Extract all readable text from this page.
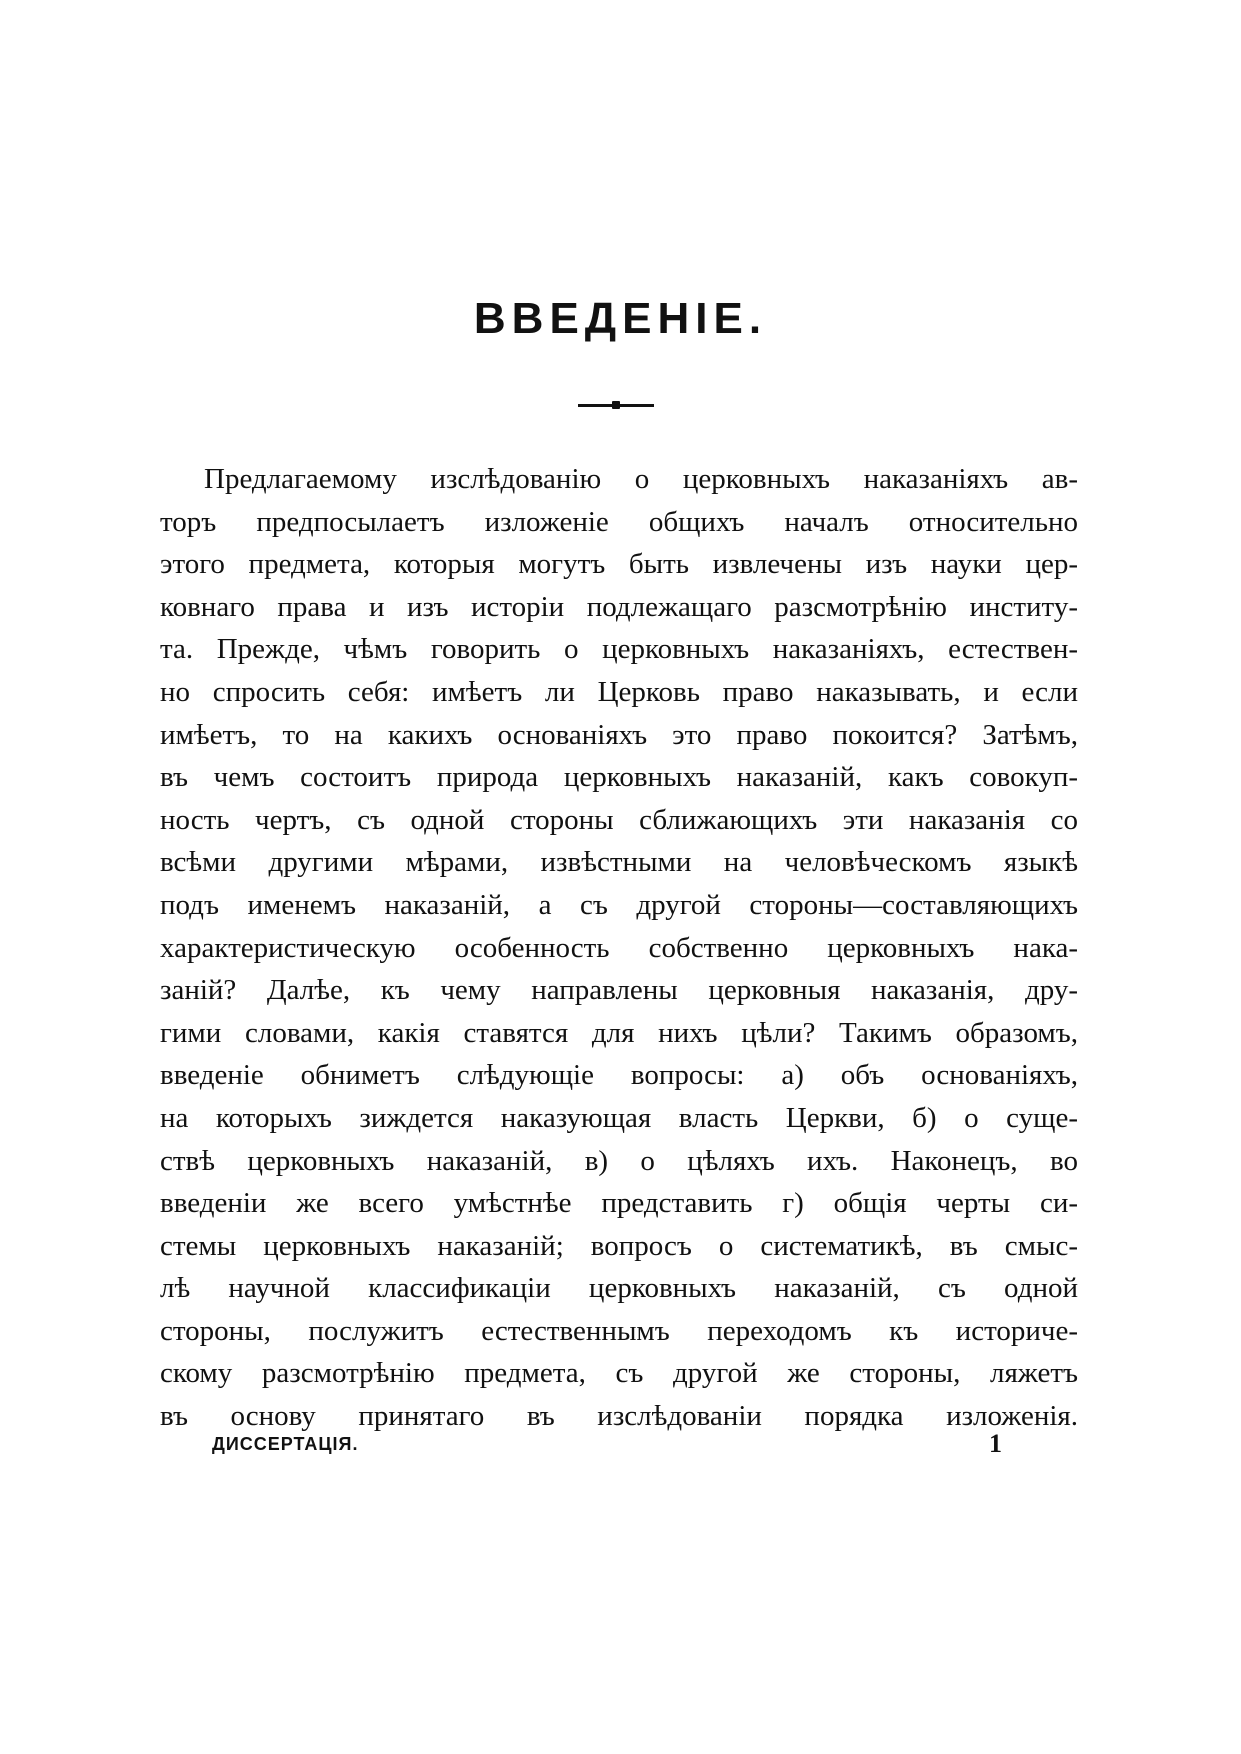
ВВЕДЕНІЕ.
Предлагаемому изслѣдованію о церковныхъ наказаніяхъ ав-
торъ предпосылаетъ изложеніе общихъ началъ относительно
этого предмета, которыя могутъ быть извлечены изъ науки цер-
ковнаго права и изъ исторіи подлежащаго разсмотрѣнію институ-
та. Прежде, чѣмъ говорить о церковныхъ наказаніяхъ, естествен-
но спросить себя: имѣетъ ли Церковь право наказывать, и если
имѣетъ, то на какихъ основаніяхъ это право покоится? Затѣмъ,
въ чемъ состоитъ природа церковныхъ наказаній, какъ совокуп-
ность чертъ, съ одной стороны сближающихъ эти наказанія со
всѣми другими мѣрами, извѣстными на человѣческомъ языкѣ
подъ именемъ наказаній, а съ другой стороны—составляющихъ
характеристическую особенность собственно церковныхъ нака-
заній? Далѣе, къ чему направлены церковныя наказанія, дру-
гими словами, какія ставятся для нихъ цѣли? Такимъ образомъ,
введеніе обниметъ слѣдующіе вопросы: а) объ основаніяхъ,
на которыхъ зиждется наказующая власть Церкви, б) о суще-
ствѣ церковныхъ наказаній, в) о цѣляхъ ихъ. Наконецъ, во
введеніи же всего умѣстнѣе представить г) общія черты си-
стемы церковныхъ наказаній; вопросъ о систематикѣ, въ смыс-
лѣ научной классификаціи церковныхъ наказаній, съ одной
стороны, послужитъ естественнымъ переходомъ къ историче-
скому разсмотрѣнію предмета, съ другой же стороны, ляжетъ
въ основу принятаго въ изслѣдованіи порядка изложенія.
ДИССЕРТАЦІЯ.	1
